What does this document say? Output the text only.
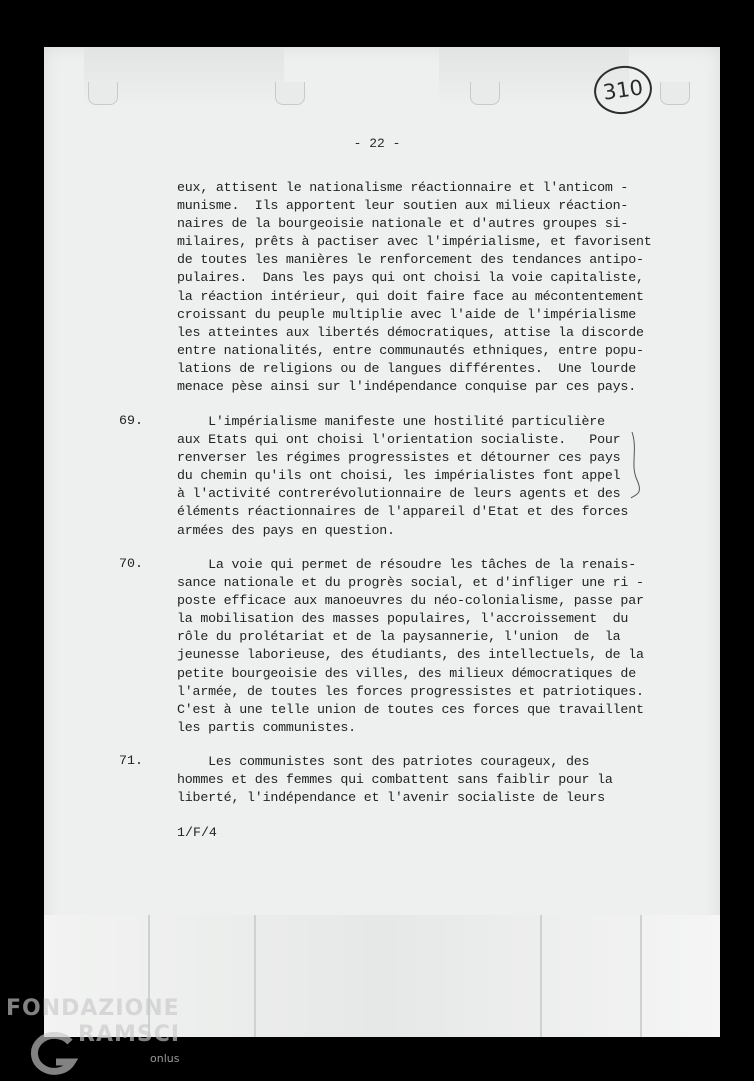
310
- 22 -
eux, attisent le nationalisme réactionnaire et l'anticom -
munisme.  Ils apportent leur soutien aux milieux réaction-
naires de la bourgeoisie nationale et d'autres groupes si-
milaires, prêts à pactiser avec l'impérialisme, et favorisent
de toutes les manières le renforcement des tendances antipo-
pulaires.  Dans les pays qui ont choisi la voie capitaliste,
la réaction intérieur, qui doit faire face au mécontentement
croissant du peuple multiplie avec l'aide de l'impérialisme
les atteintes aux libertés démocratiques, attise la discorde
entre nationalités, entre communautés ethniques, entre popu-
lations de religions ou de langues différentes.  Une lourde
menace pèse ainsi sur l'indépendance conquise par ces pays.
69.	L'impérialisme manifeste une hostilité particulière
aux Etats qui ont choisi l'orientation socialiste.   Pour
renverser les régimes progressistes et détourner ces pays
du chemin qu'ils ont choisi, les impérialistes font appel
à l'activité contrerévolutionnaire de leurs agents et des
éléments réactionnaires de l'appareil d'Etat et des forces
armées des pays en question.
70.	La voie qui permet de résoudre les tâches de la renais-
sance nationale et du progrès social, et d'infliger une ri -
poste efficace aux manoeuvres du néo-colonialisme, passe par
la mobilisation des masses populaires, l'accroissement  du
rôle du prolétariat et de la paysannerie, l'union  de  la
jeunesse laborieuse, des étudiants, des intellectuels, de la
petite bourgeoisie des villes, des milieux démocratiques de
l'armée, de toutes les forces progressistes et patriotiques.
C'est à une telle union de toutes ces forces que travaillent
les partis communistes.
71.	Les communistes sont des patriotes courageux, des
hommes et des femmes qui combattent sans faiblir pour la
liberté, l'indépendance et l'avenir socialiste de leurs
1/F/4
FONDAZIONE
RAMSCI
onlus
